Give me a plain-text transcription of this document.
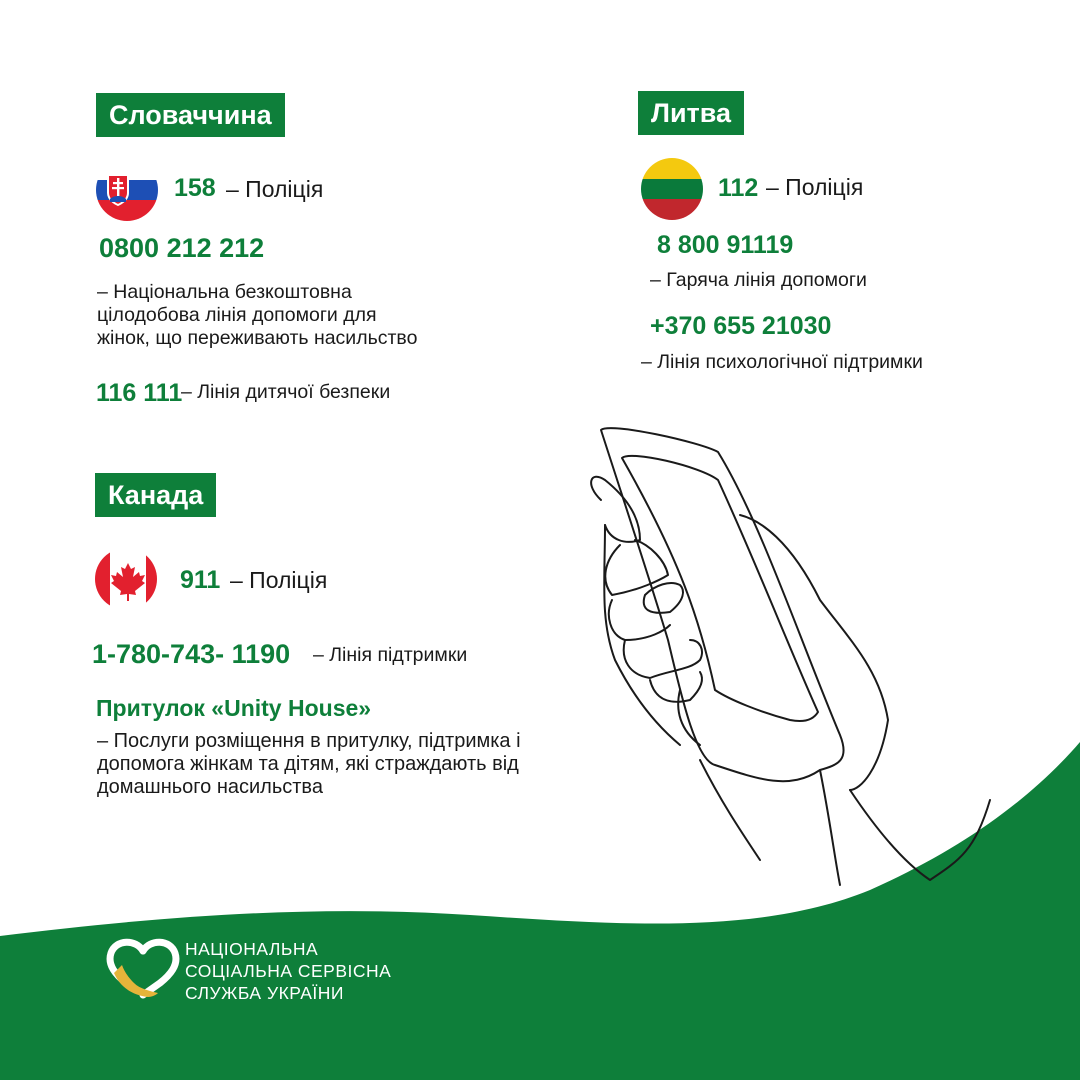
Словаччина
158 – Поліція
0800 212 212
– Національна безкоштовна
цілодобова лінія допомоги для
жінок, що переживають насильство
116 111
– Лінія дитячої безпеки
Литва
112 – Поліція
8 800 91119
– Гаряча лінія допомоги
+370 655 21030
– Лінія психологічної підтримки
Канада
911 – Поліція
1-780-743- 1190 – Лінія підтримки
Притулок «Unity House»
– Послуги розміщення в притулку, підтримка і
допомога жінкам та дітям, які страждають від
домашнього насильства
НАЦІОНАЛЬНА
СОЦІАЛЬНА СЕРВІСНА
СЛУЖБА УКРАЇНИ
